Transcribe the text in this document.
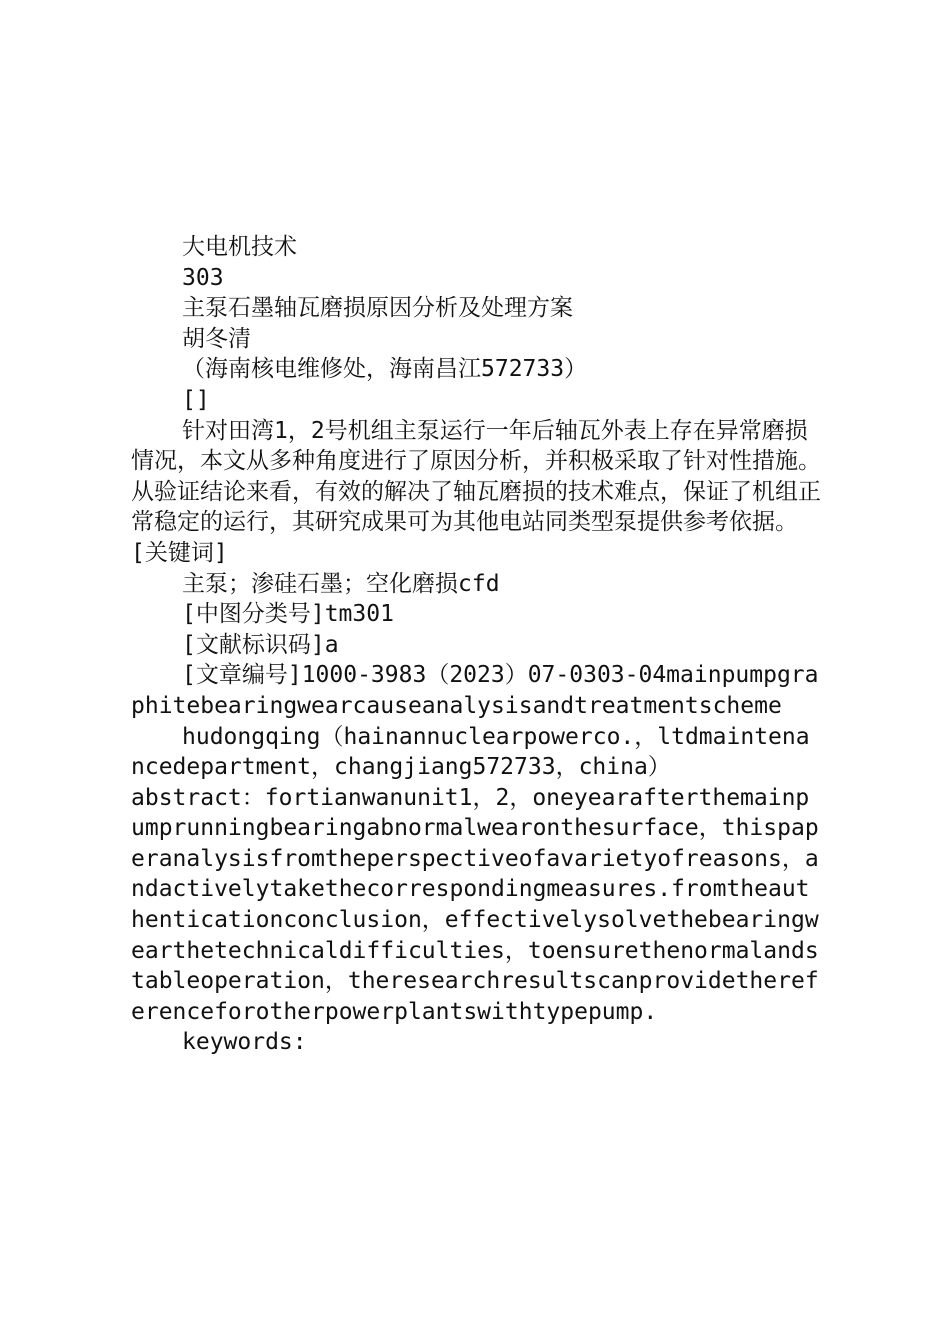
大电机技术
303
主泵石墨轴瓦磨损原因分析及处理方案
胡冬清
（海南核电维修处，海南昌江572733）
[]
针对田湾1，2号机组主泵运行一年后轴瓦外表上存在异常磨损情况，本文从多种角度进行了原因分析，并积极采取了针对性措施。从验证结论来看，有效的解决了轴瓦磨损的技术难点，保证了机组正常稳定的运行，其研究成果可为其他电站同类型泵提供参考依据。[关键词]
主泵；渗硅石墨；空化磨损cfd
[中图分类号]tm301
[文献标识码]a
[文章编号]1000-3983（2023）07-0303-04mainpumpgraphitebearingwearcauseanalysisandtreatmentscheme
hudongqing（hainannuclearpowerco.，ltdmaintenancedepartment，changjiang572733，china）
abstract：fortianwanunit1，2，oneyearafterthemainpumprunningbearingabnormalwearonthesurface，thispaperanalysisfromtheperspectiveofavarietyofreasons，andactivelytakethecorrespondingmeasures.fromtheauthenticationconclusion，effectivelysolvethebearingwearthetechnicaldifficulties，toensurethenormalandstableoperation，theresearchresultscanprovidethereferenceforotherpowerplantswithtypepump.
keywords:
